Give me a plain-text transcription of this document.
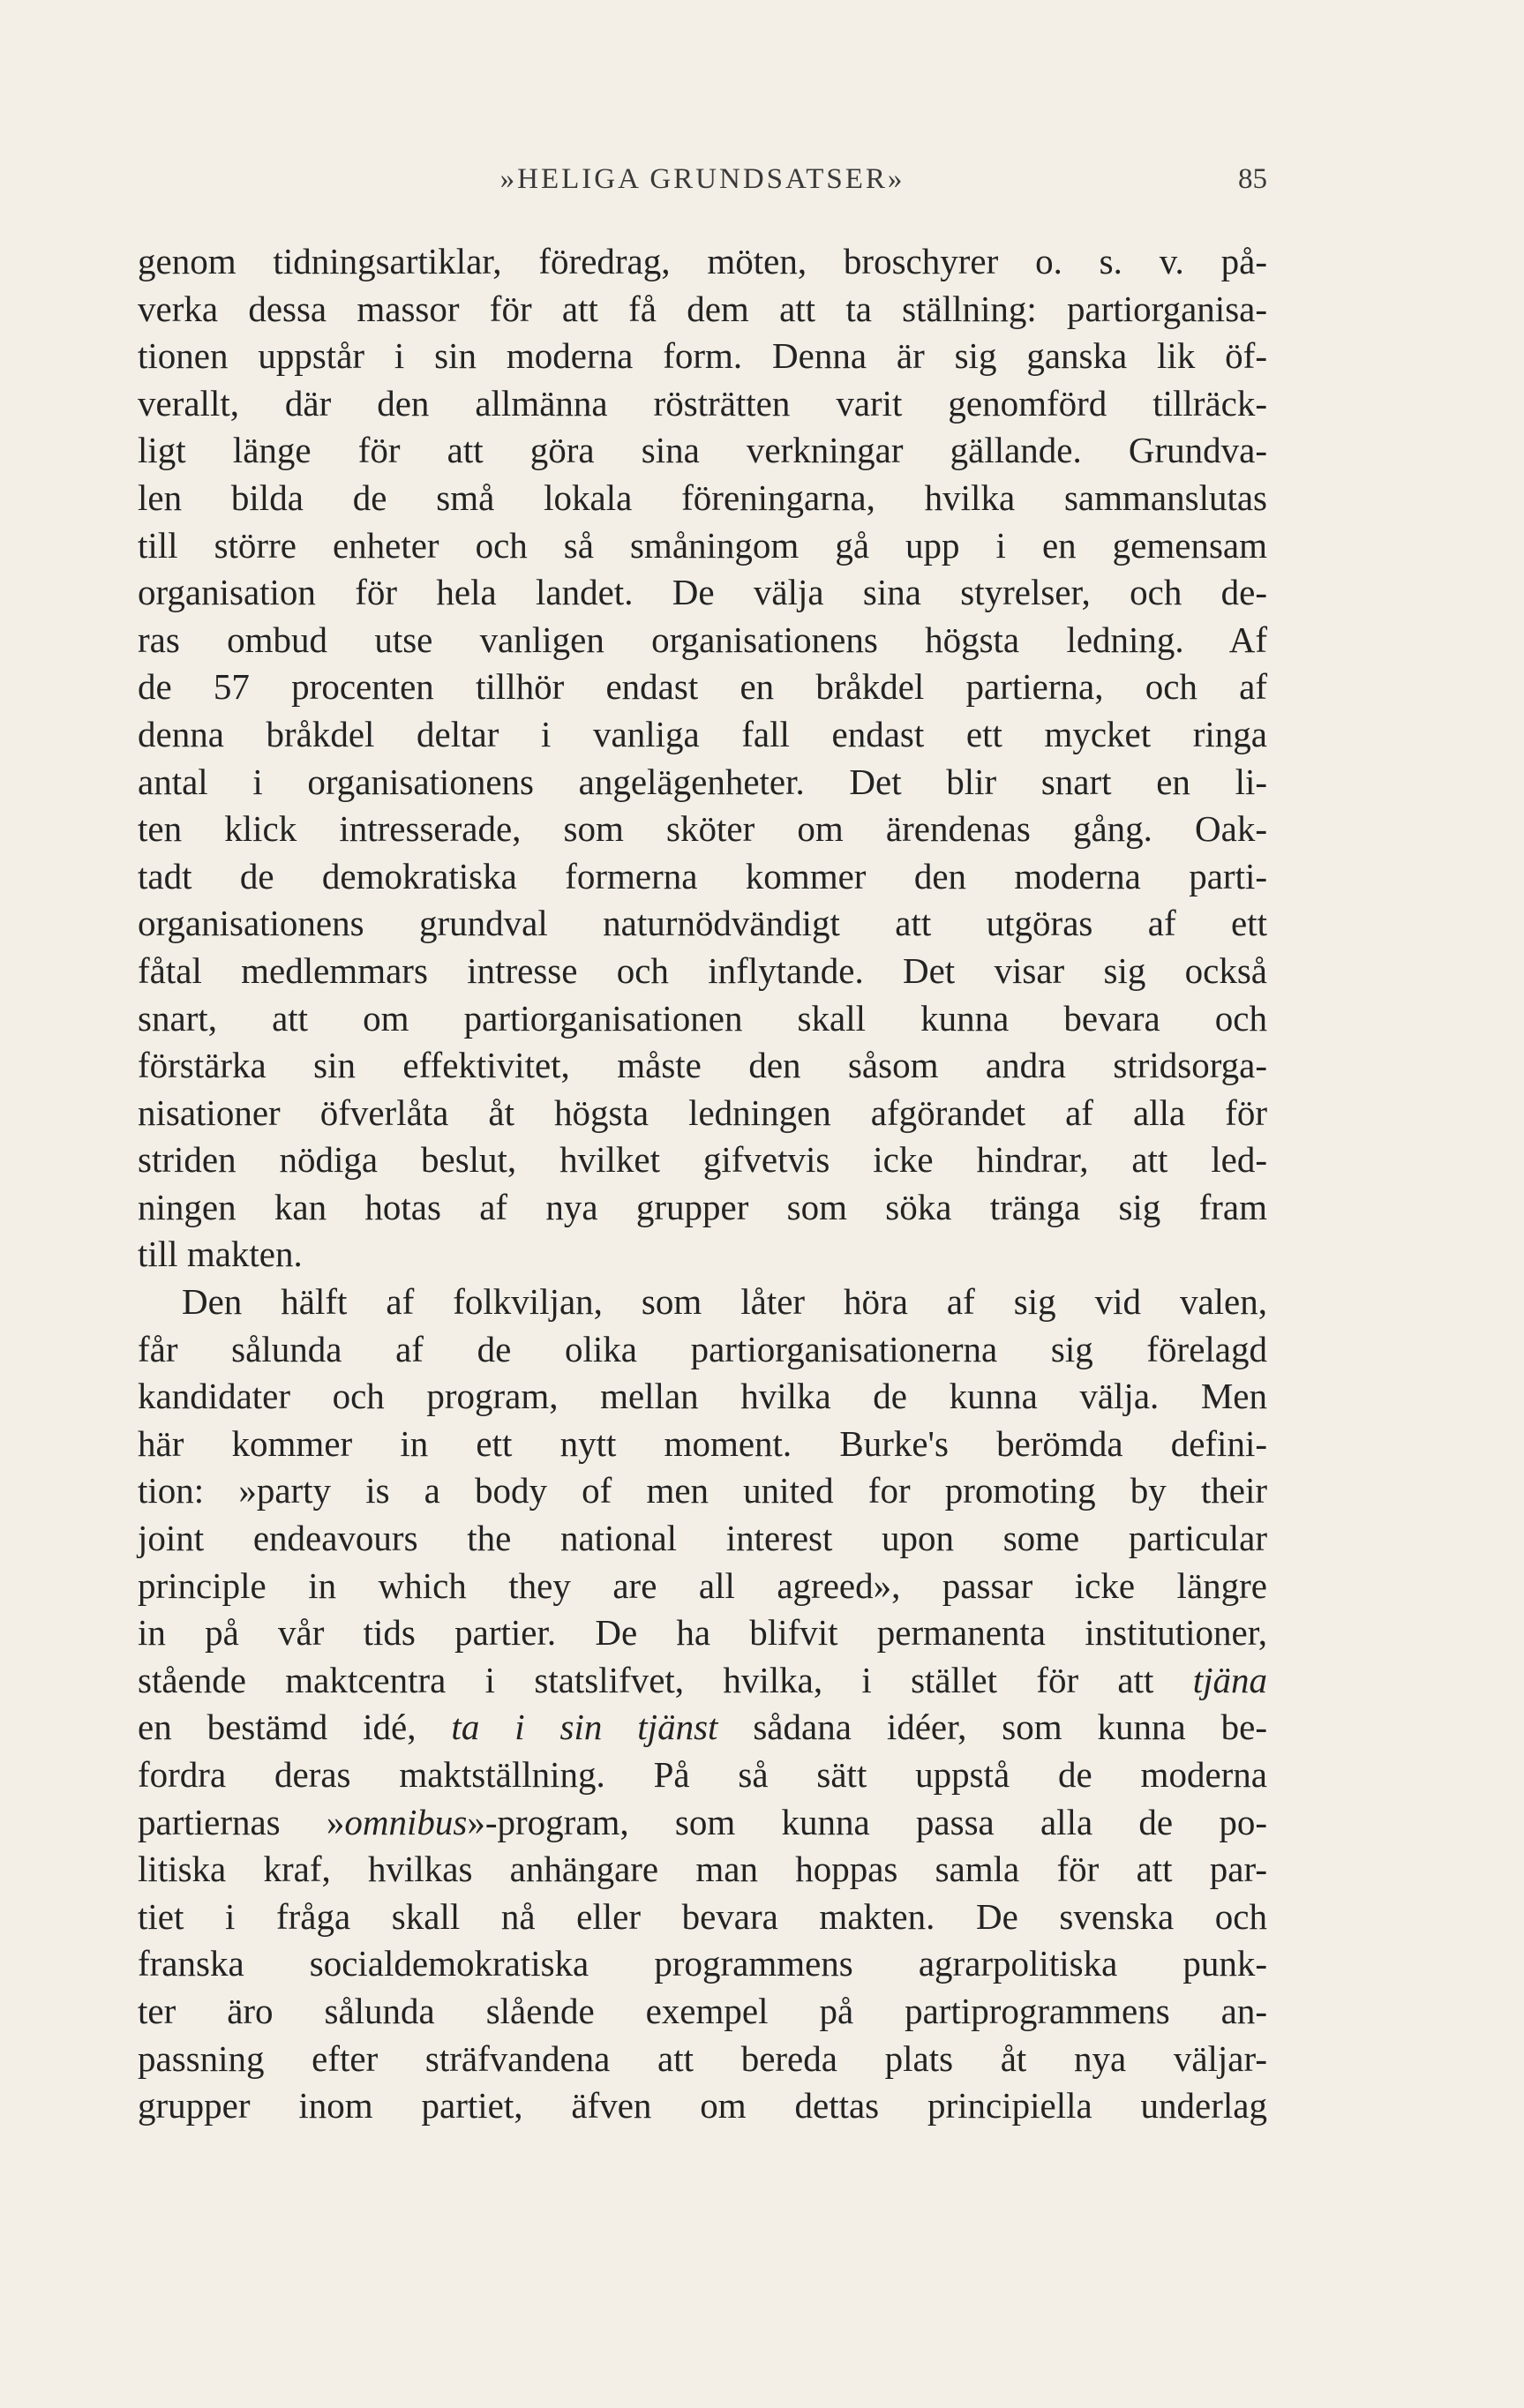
»HELIGA GRUNDSATSER»	85
genom tidningsartiklar, föredrag, möten, broschyrer o. s. v. på-
verka dessa massor för att få dem att ta ställning: partiorganisa-
tionen uppstår i sin moderna form. Denna är sig ganska lik öf-
verallt, där den allmänna rösträtten varit genomförd tillräck-
ligt länge för att göra sina verkningar gällande. Grundva-
len bilda de små lokala föreningarna, hvilka sammanslutas
till större enheter och så småningom gå upp i en gemensam
organisation för hela landet. De välja sina styrelser, och de-
ras ombud utse vanligen organisationens högsta ledning. Af
de 57 procenten tillhör endast en bråkdel partierna, och af
denna bråkdel deltar i vanliga fall endast ett mycket ringa
antal i organisationens angelägenheter. Det blir snart en li-
ten klick intresserade, som sköter om ärendenas gång. Oak-
tadt de demokratiska formerna kommer den moderna parti-
organisationens grundval naturnödvändigt att utgöras af ett
fåtal medlemmars intresse och inflytande. Det visar sig också
snart, att om partiorganisationen skall kunna bevara och
förstärka sin effektivitet, måste den såsom andra stridsorga-
nisationer öfverlåta åt högsta ledningen afgörandet af alla för
striden nödiga beslut, hvilket gifvetvis icke hindrar, att led-
ningen kan hotas af nya grupper som söka tränga sig fram
till makten.
Den hälft af folkviljan, som låter höra af sig vid valen,
får sålunda af de olika partiorganisationerna sig förelagd
kandidater och program, mellan hvilka de kunna välja. Men
här kommer in ett nytt moment. Burke's berömda defini-
tion: »party is a body of men united for promoting by their
joint endeavours the national interest upon some particular
principle in which they are all agreed», passar icke längre
in på vår tids partier. De ha blifvit permanenta institutioner,
stående maktcentra i statslifvet, hvilka, i stället för att tjäna
en bestämd idé, ta i sin tjänst sådana idéer, som kunna be-
fordra deras maktställning. På så sätt uppstå de moderna
partiernas »omnibus»-program, som kunna passa alla de po-
litiska kraf, hvilkas anhängare man hoppas samla för att par-
tiet i fråga skall nå eller bevara makten. De svenska och
franska socialdemokratiska programmens agrarpolitiska punk-
ter äro sålunda slående exempel på partiprogrammens an-
passning efter sträfvandena att bereda plats åt nya väljar-
grupper inom partiet, äfven om dettas principiella underlag
